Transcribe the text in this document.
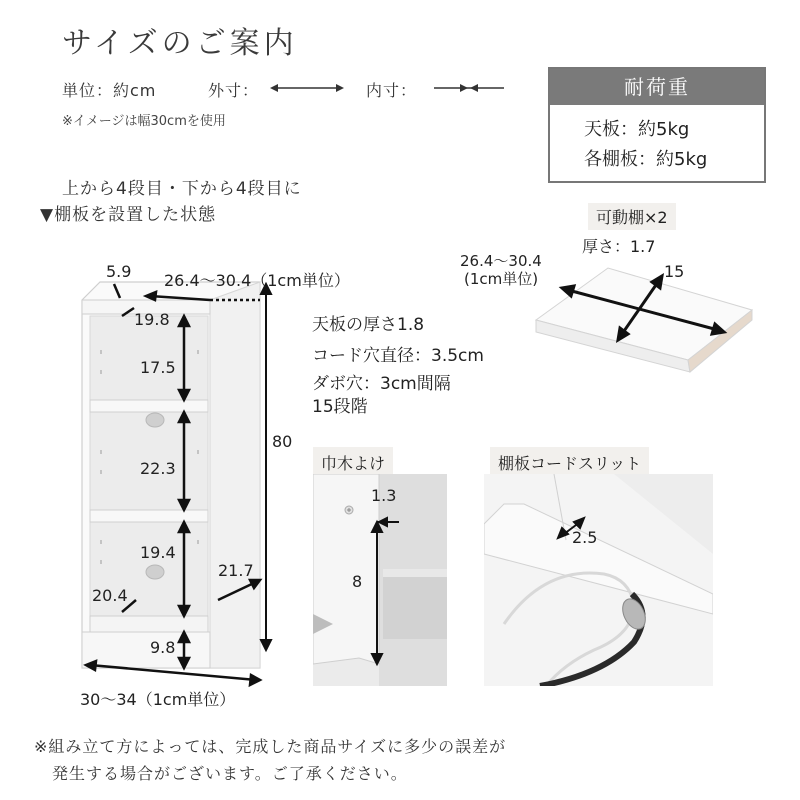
サイズのご案内
単位：約cm	外寸：	内寸：
※イメージは幅30cmを使用
耐荷重
天板：約5kg
各棚板：約5kg
上から4段目・下から4段目に
▼棚板を設置した状態
5.9 26.4〜30.4（1cm単位）
19.8
17.5
22.3
19.4
80
21.7
20.4
9.8
30〜34（1cm単位）
天板の厚さ1.8
コード穴直径：3.5cm
ダボ穴：3cm間隔
15段階
可動棚×2
厚さ：1.7
26.4〜30.4
(1cm単位)	15
巾木よけ
1.3
8
棚板コードスリット
2.5
※組み立て方によっては、完成した商品サイズに多少の誤差が
発生する場合がございます。ご了承ください。
